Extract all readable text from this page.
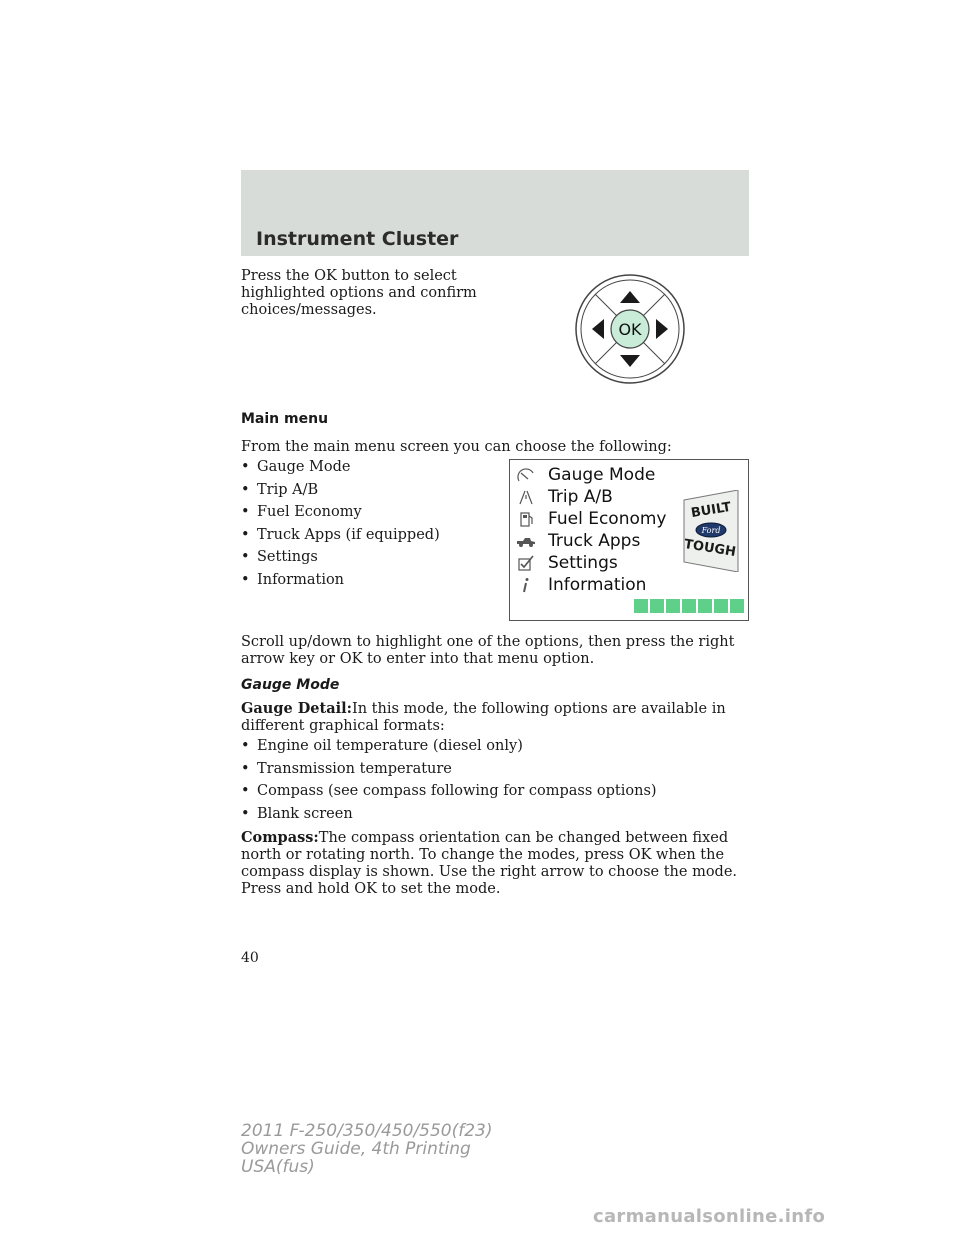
Instrument Cluster
Press the OK button to select highlighted options and confirm choices/messages.
OK
Main menu
From the main menu screen you can choose the following:
• Gauge Mode
• Trip A/B
• Fuel Economy
• Truck Apps (if equipped)
• Settings
• Information
Gauge Mode
Trip A/B
Fuel Economy
Truck Apps
Settings
Information
BUILT
Ford
TOUGH
Scroll up/down to highlight one of the options, then press the right arrow key or OK to enter into that menu option.
Gauge Mode
Gauge Detail:In this mode, the following options are available in different graphical formats:
• Engine oil temperature (diesel only)
• Transmission temperature
• Compass (see compass following for compass options)
• Blank screen
Compass:The compass orientation can be changed between fixed north or rotating north. To change the modes, press OK when the compass display is shown. Use the right arrow to choose the mode. Press and hold OK to set the mode.
40
2011 F-250/350/450/550(f23)
Owners Guide, 4th Printing
USA(fus)
carmanualsonline.info
